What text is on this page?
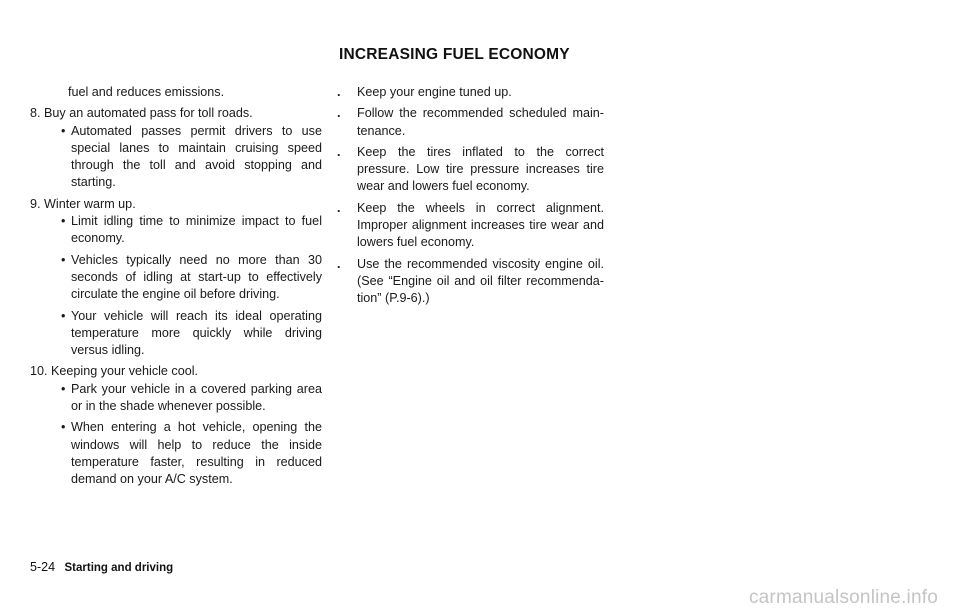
INCREASING FUEL ECONOMY
fuel and reduces emissions.
8. Buy an automated pass for toll roads.
• Automated passes permit drivers to use special lanes to maintain cruising speed through the toll and avoid stopping and starting.
9. Winter warm up.
• Limit idling time to minimize impact to fuel economy.
• Vehicles typically need no more than 30 seconds of idling at start-up to effectively circulate the engine oil before driving.
• Your vehicle will reach its ideal operating temperature more quickly while driving versus idling.
10. Keeping your vehicle cool.
• Park your vehicle in a covered parking area or in the shade whenever possible.
• When entering a hot vehicle, opening the windows will help to reduce the inside temperature faster, resulting in reduced demand on your A/C system.
.	Keep your engine tuned up.
.	Follow the recommended scheduled main-tenance.
.	Keep the tires inflated to the correct pressure. Low tire pressure increases tire wear and lowers fuel economy.
.	Keep the wheels in correct alignment. Improper alignment increases tire wear and lowers fuel economy.
.	Use the recommended viscosity engine oil. (See “Engine oil and oil filter recommenda-tion” (P.9-6).)
5-24 Starting and driving
carmanualsonline.info
